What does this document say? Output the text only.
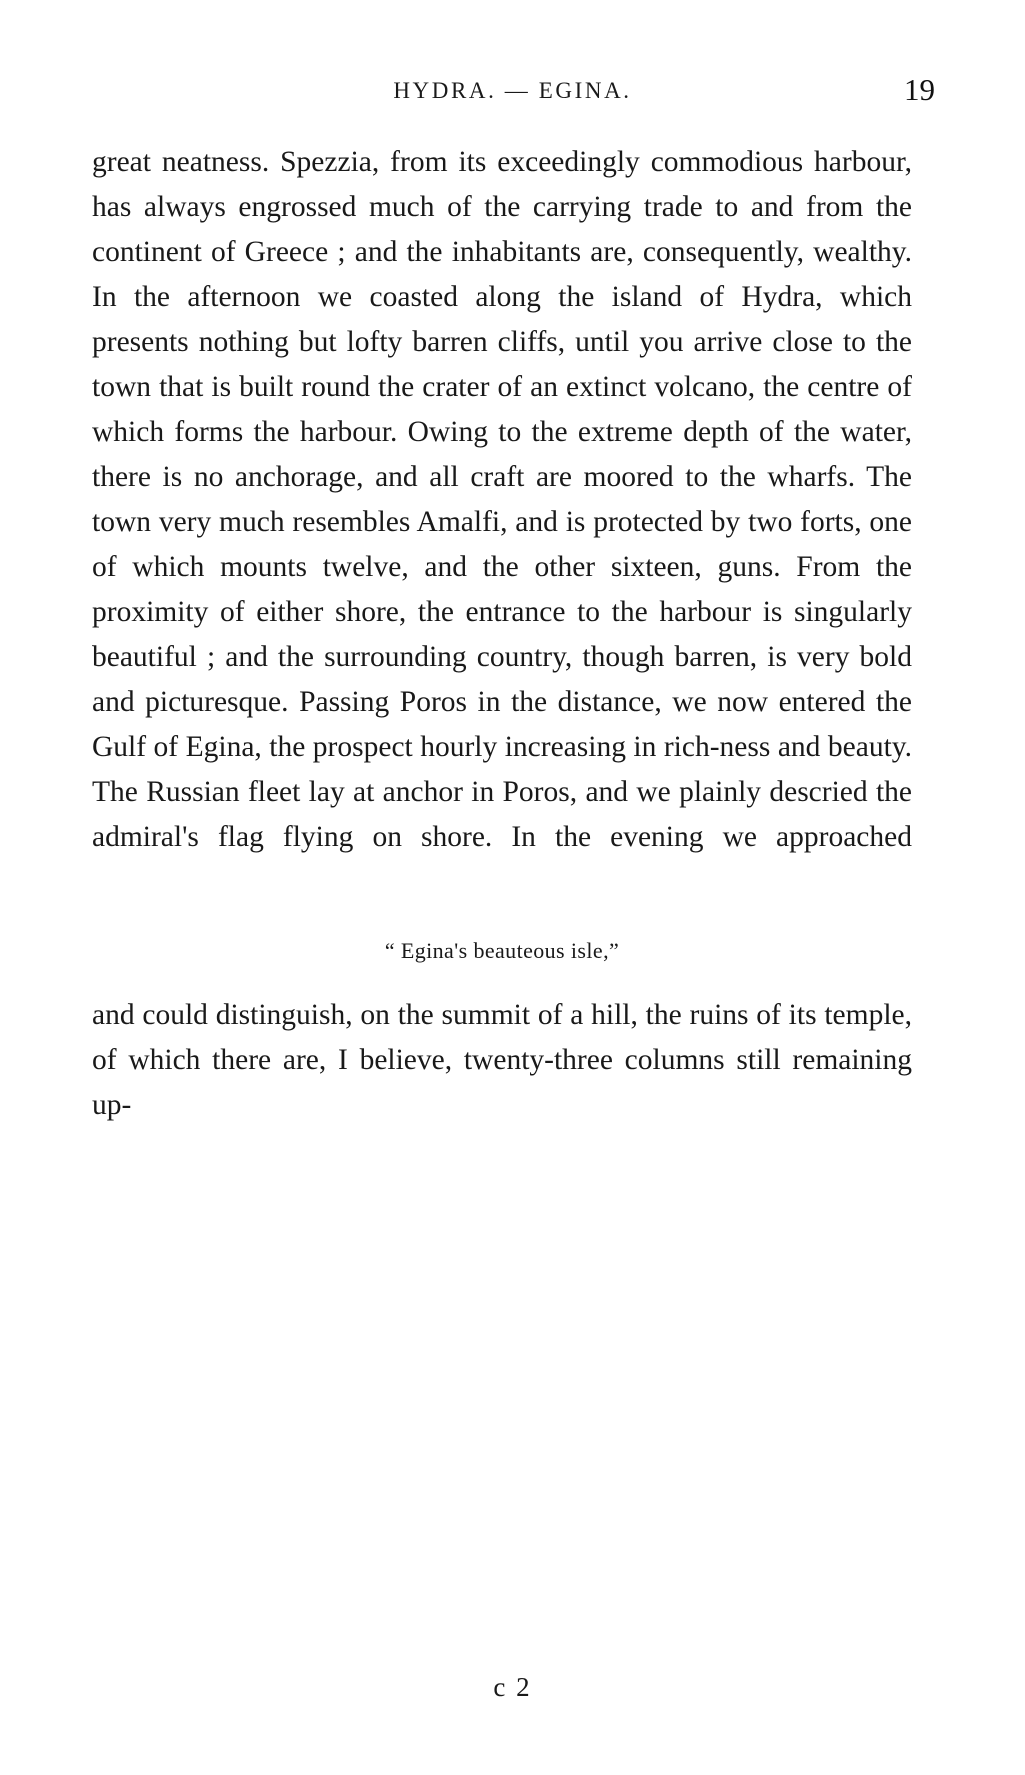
HYDRA. — EGINA.	19

great neatness. Spezzia, from its exceedingly commodious harbour, has always engrossed much of the carrying trade to and from the continent of Greece ; and the inhabitants are, consequently, wealthy. In the afternoon we coasted along the island of Hydra, which presents nothing but lofty barren cliffs, until you arrive close to the town that is built round the crater of an extinct volcano, the centre of which forms the harbour. Owing to the extreme depth of the water, there is no anchorage, and all craft are moored to the wharfs. The town very much resembles Amalfi, and is protected by two forts, one of which mounts twelve, and the other sixteen, guns. From the proximity of either shore, the entrance to the harbour is singularly beautiful ; and the surrounding country, though barren, is very bold and picturesque. Passing Poros in the distance, we now entered the Gulf of Egina, the prospect hourly increasing in rich-ness and beauty. The Russian fleet lay at anchor in Poros, and we plainly descried the admiral's flag flying on shore. In the evening we approached

“ Egina's beauteous isle,”

and could distinguish, on the summit of a hill, the ruins of its temple, of which there are, I believe, twenty-three columns still remaining up-

c 2
